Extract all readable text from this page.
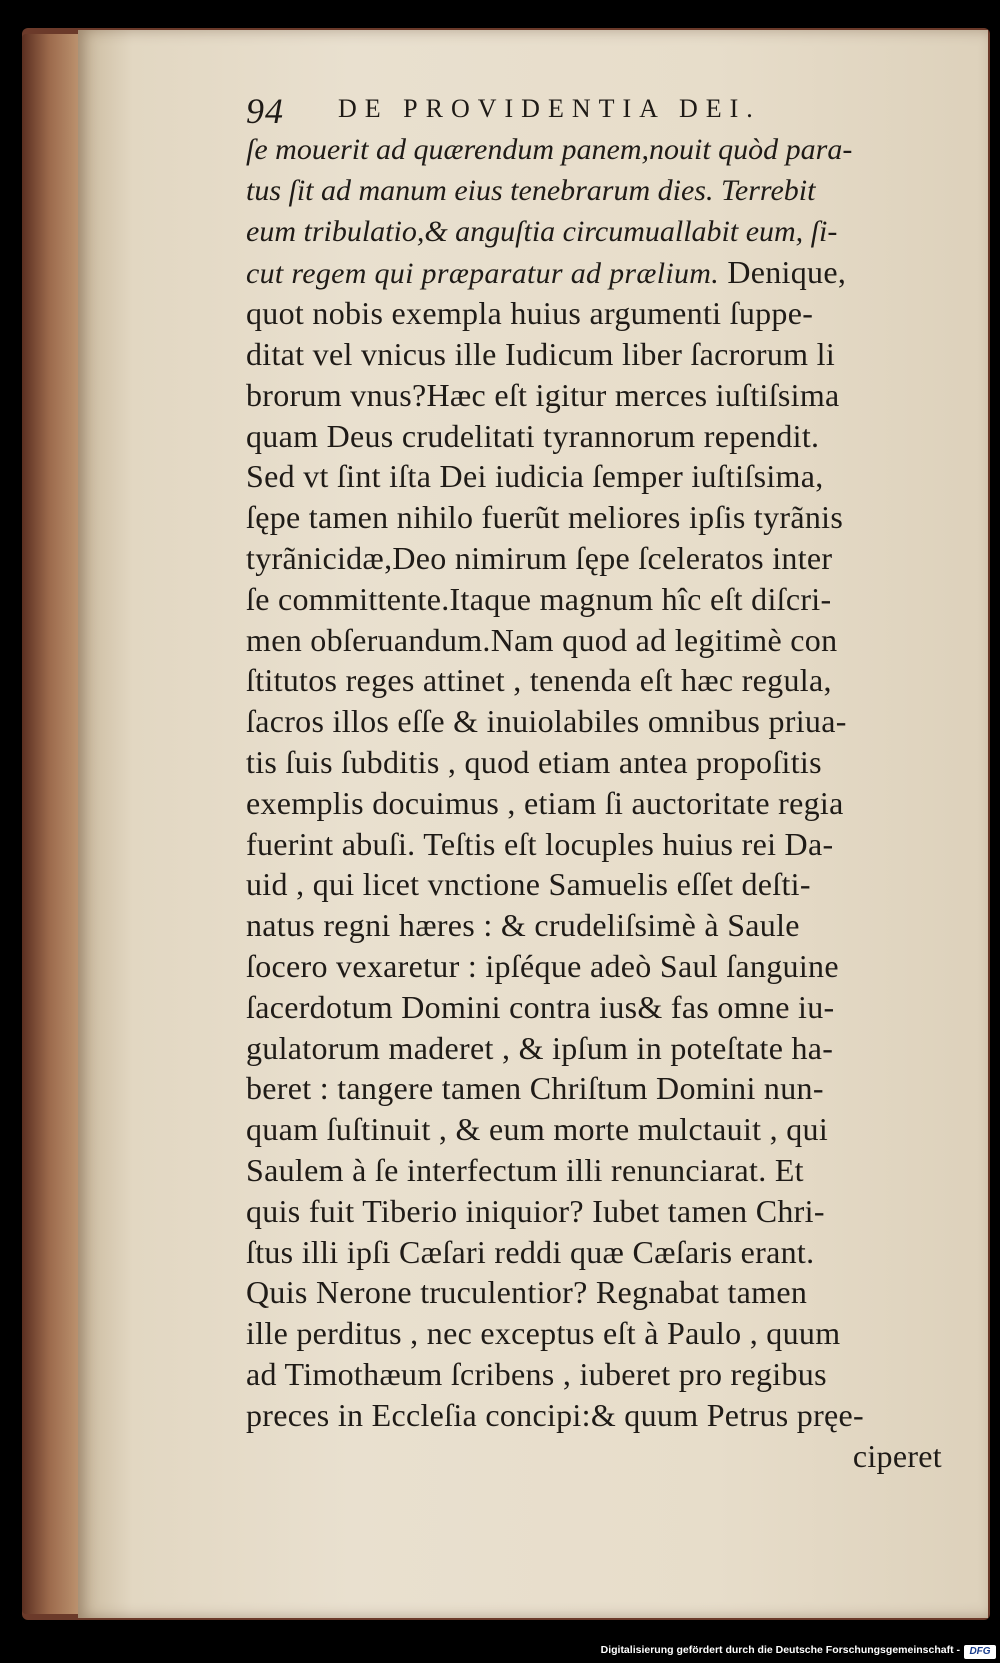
94 DE PROVIDENTIA DEI.
ſe mouerit ad quærendum panem,nouit quòd para-
tus ſit ad manum eius tenebrarum dies. Terrebit
eum tribulatio,& anguſtia circumuallabit eum, ſi-
cut regem qui præparatur ad prælium. Denique,
quot nobis exempla huius argumenti ſuppe-
ditat vel vnicus ille Iudicum liber ſacrorum li
brorum vnus?Hæc eſt igitur merces iuſtiſsima
quam Deus crudelitati tyrannorum rependit.
Sed vt ſint iſta Dei iudicia ſemper iuſtiſsima,
ſępe tamen nihilo fuerũt meliores ipſis tyrãnis
tyrãnicidæ,Deo nimirum ſępe ſceleratos inter
ſe committente.Itaque magnum hîc eſt diſcri-
men obſeruandum.Nam quod ad legitimè con
ſtitutos reges attinet , tenenda eſt hæc regula,
ſacros illos eſſe & inuiolabiles omnibus priua-
tis ſuis ſubditis , quod etiam antea propoſitis
exemplis docuimus , etiam ſi auctoritate regia
fuerint abuſi. Teſtis eſt locuples huius rei Da-
uid , qui licet vnctione Samuelis eſſet deſti-
natus regni hæres : & crudeliſsimè à Saule
ſocero vexaretur : ipſéque adeò Saul ſanguine
ſacerdotum Domini contra ius& fas omne iu-
gulatorum maderet , & ipſum in poteſtate ha-
beret : tangere tamen Chriſtum Domini nun-
quam ſuſtinuit , & eum morte mulctauit , qui
Saulem à ſe interfectum illi renunciarat. Et
quis fuit Tiberio iniquior? Iubet tamen Chri-
ſtus illi ipſi Cæſari reddi quæ Cæſaris erant.
Quis Nerone truculentior? Regnabat tamen
ille perditus , nec exceptus eſt à Paulo , quum
ad Timothæum ſcribens , iuberet pro regibus
preces in Eccleſia concipi:& quum Petrus pręe-
ciperet
Digitalisierung gefördert durch die Deutsche Forschungsgemeinschaft - DFG
